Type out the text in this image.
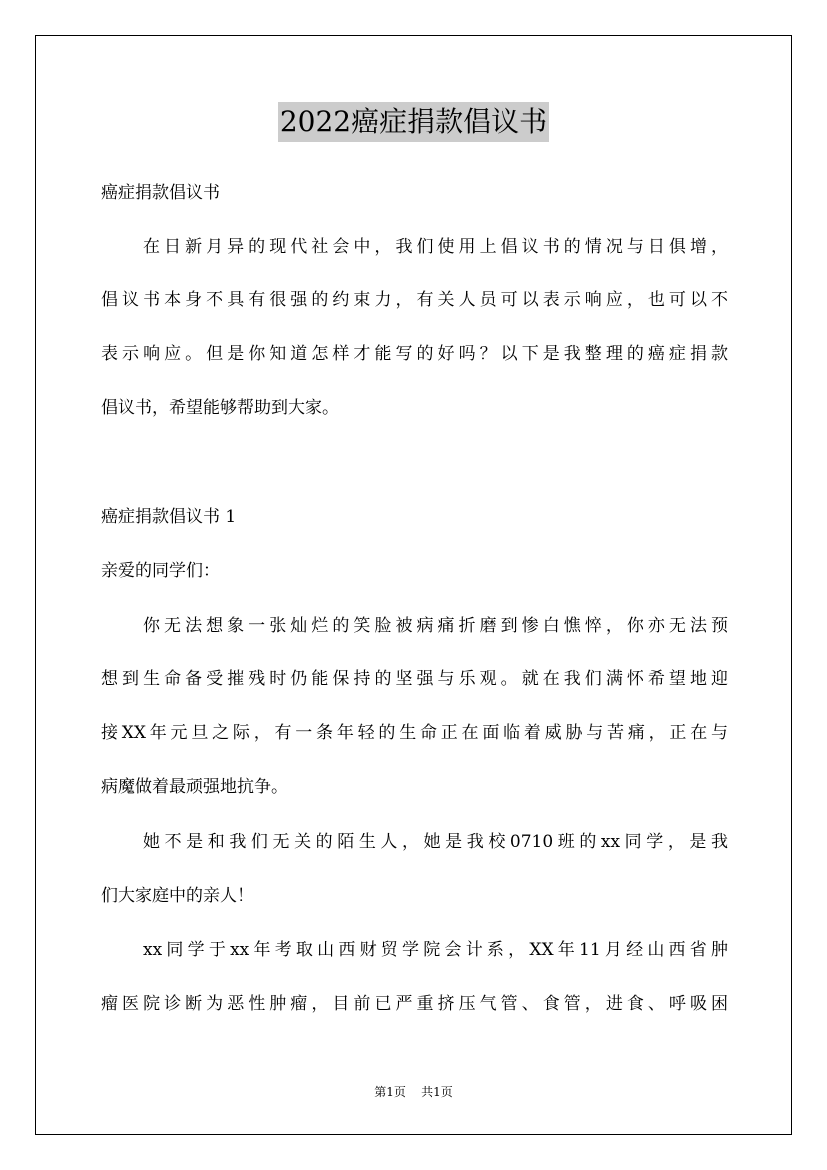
2022癌症捐款倡议书
癌症捐款倡议书
在日新月异的现代社会中，我们使用上倡议书的情况与日俱增，
倡议书本身不具有很强的约束力，有关人员可以表示响应，也可以不
表示响应。但是你知道怎样才能写的好吗？以下是我整理的癌症捐款
倡议书，希望能够帮助到大家。
癌症捐款倡议书 1
亲爱的同学们：
你无法想象一张灿烂的笑脸被病痛折磨到惨白憔悴，你亦无法预
想到生命备受摧残时仍能保持的坚强与乐观。就在我们满怀希望地迎
接XX年元旦之际，有一条年轻的生命正在面临着威胁与苦痛，正在与
病魔做着最顽强地抗争。
她不是和我们无关的陌生人，她是我校0710班的xx同学，是我
们大家庭中的亲人！
xx同学于xx年考取山西财贸学院会计系，XX年11月经山西省肿
瘤医院诊断为恶性肿瘤，目前已严重挤压气管、食管，进食、呼吸困
第1页 共1页
